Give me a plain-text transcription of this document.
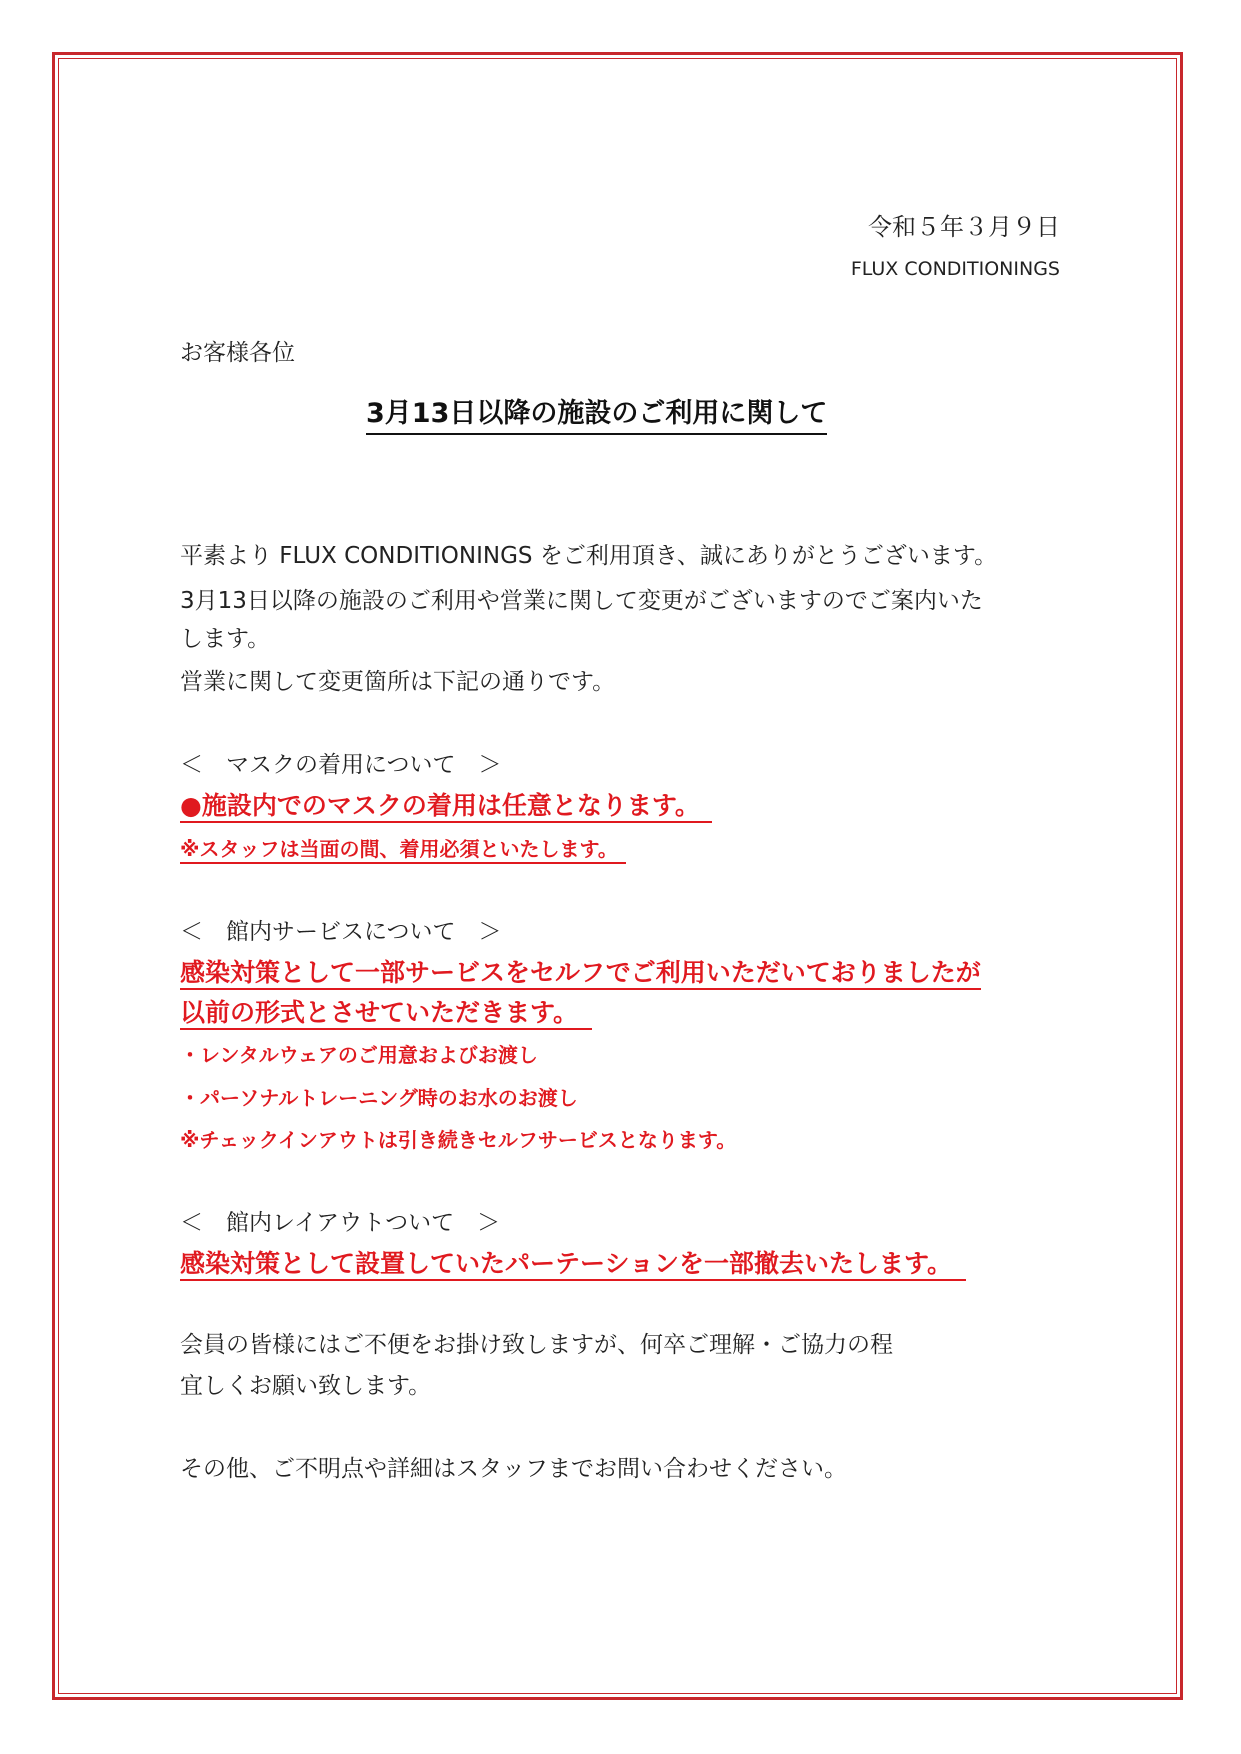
令和５年３月９日
FLUX CONDITIONINGS
お客様各位
3月13日以降の施設のご利用に関して
平素より FLUX CONDITIONINGS をご利用頂き、誠にありがとうございます。
3月13日以降の施設のご利用や営業に関して変更がございますのでご案内いた
します。
営業に関して変更箇所は下記の通りです。
＜　マスクの着用について　＞
●施設内でのマスクの着用は任意となります。
※スタッフは当面の間、着用必須といたします。
＜　館内サービスについて　＞
感染対策として一部サービスをセルフでご利用いただいておりましたが
以前の形式とさせていただきます。
・レンタルウェアのご用意およびお渡し
・パーソナルトレーニング時のお水のお渡し
※チェックインアウトは引き続きセルフサービスとなります。
＜　館内レイアウトついて　＞
感染対策として設置していたパーテーションを一部撤去いたします。
会員の皆様にはご不便をお掛け致しますが、何卒ご理解・ご協力の程
宜しくお願い致します。
その他、ご不明点や詳細はスタッフまでお問い合わせください。
